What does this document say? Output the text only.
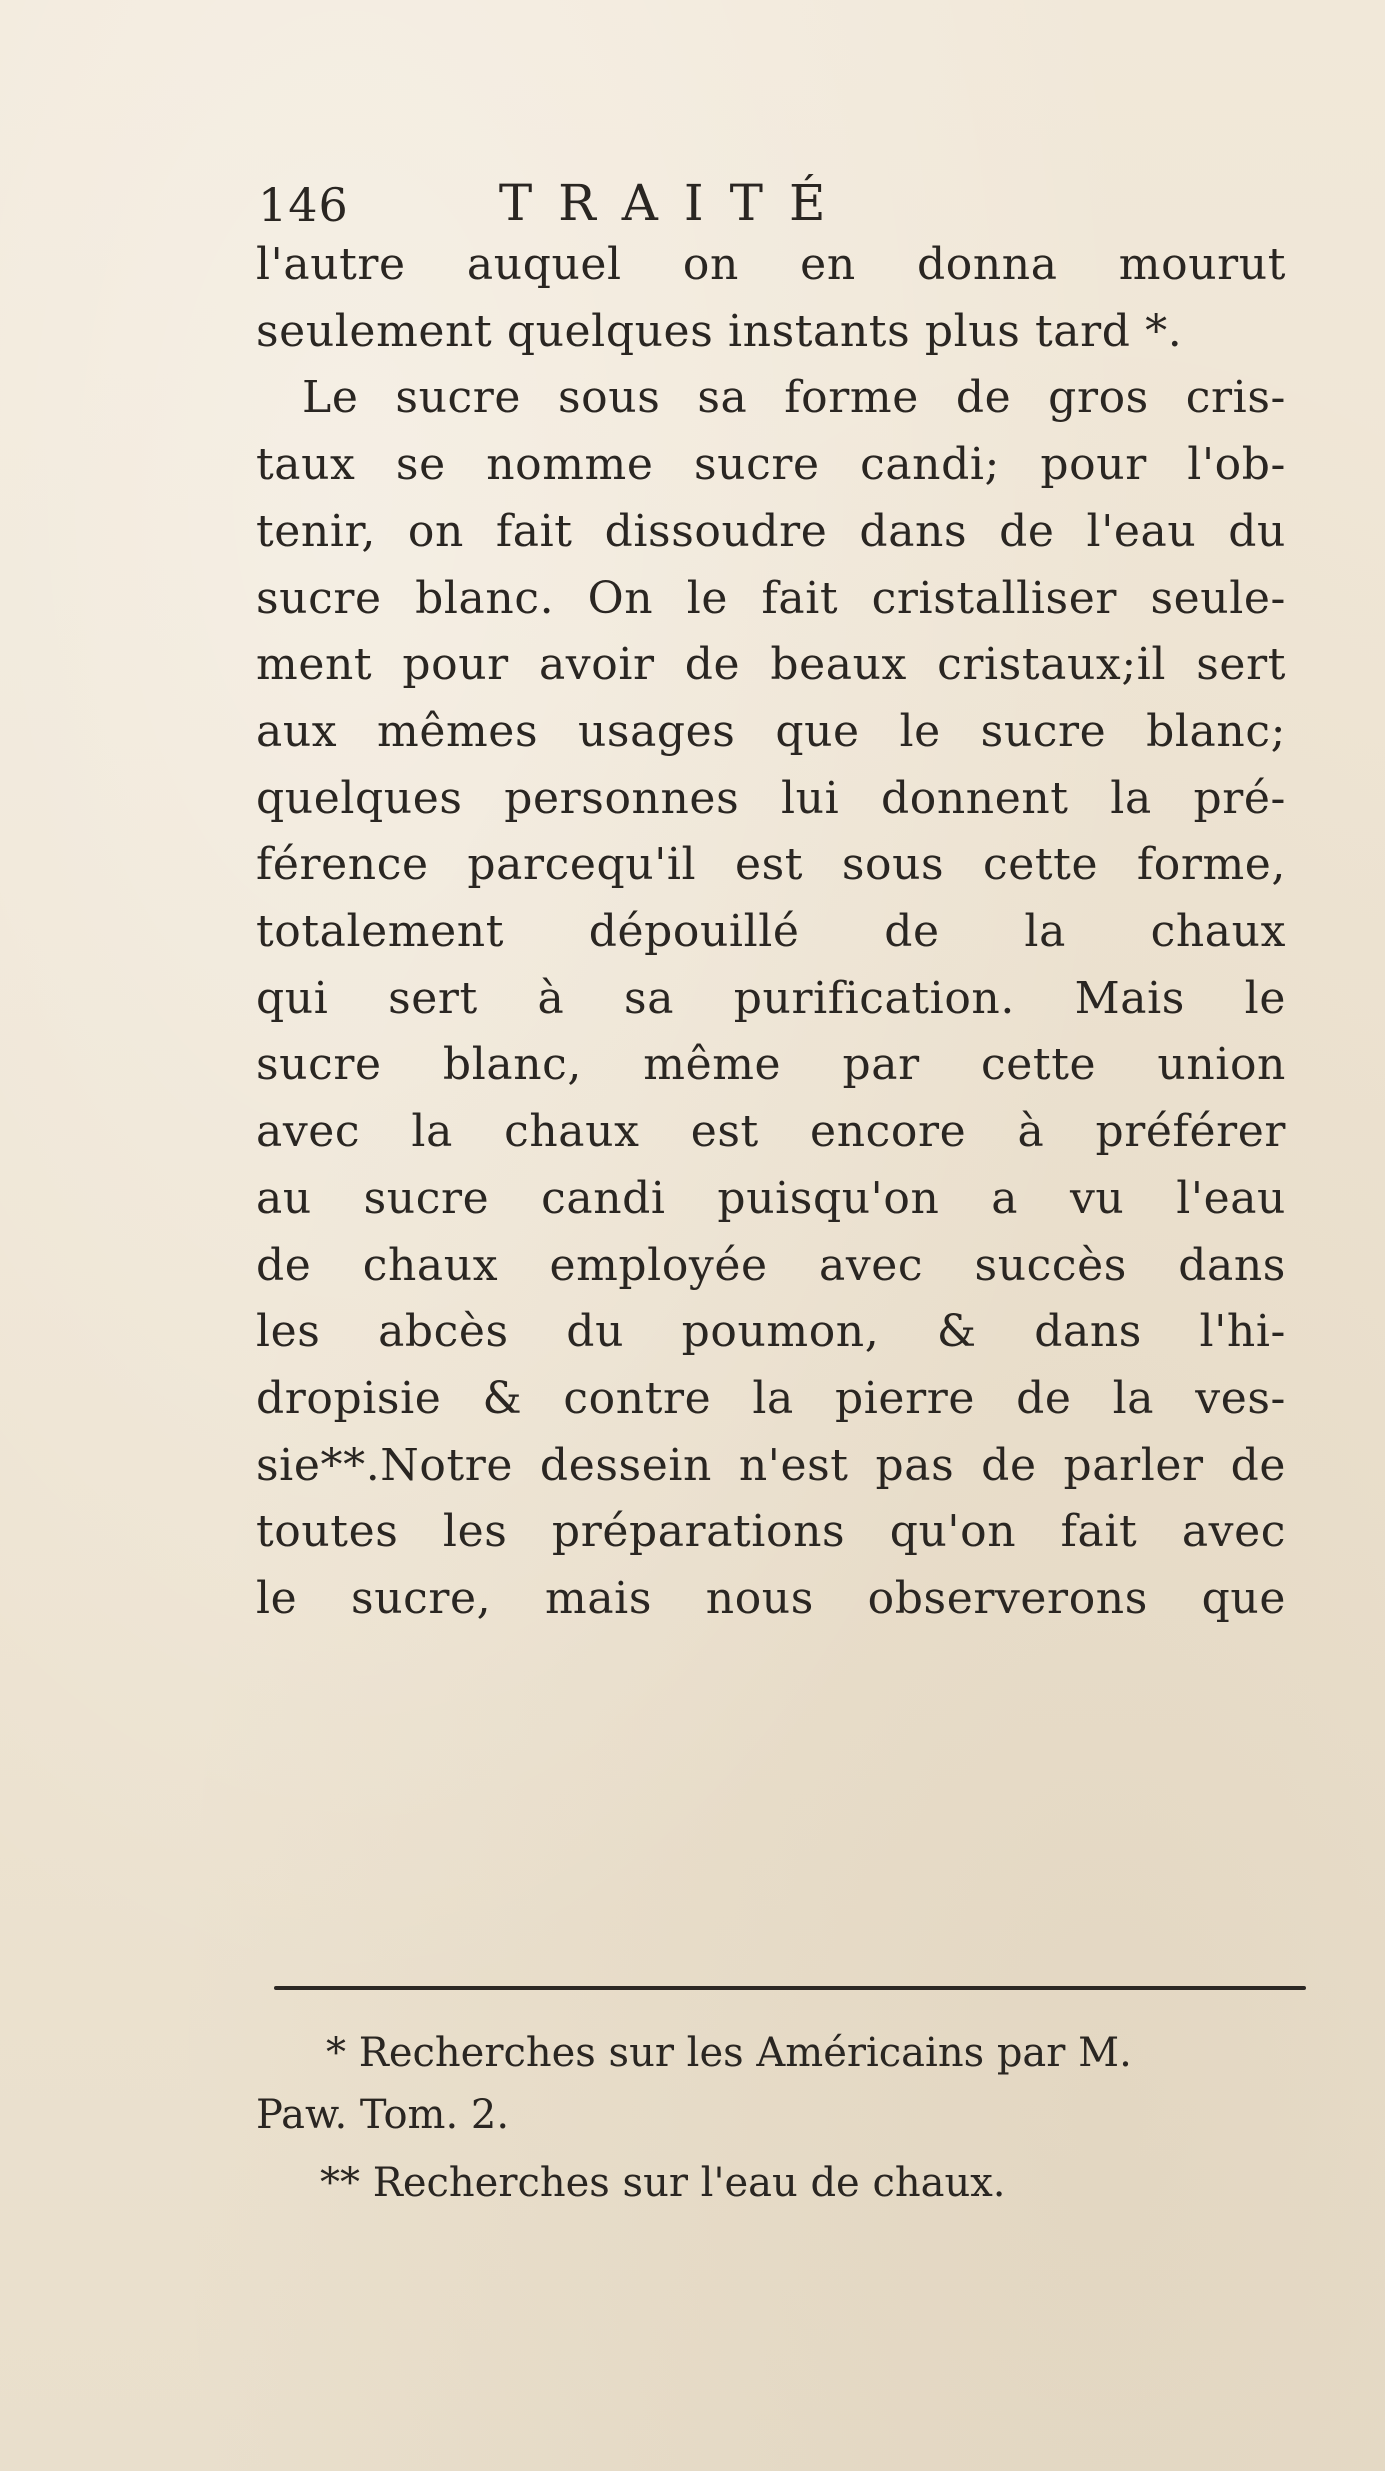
146	TRAITÉ
l'autre auquel on en donna mourut
seulement quelques instants plus tard *.
Le sucre sous sa forme de gros cris-
taux se nomme sucre candi; pour l'ob-
tenir, on fait dissoudre dans de l'eau du
sucre blanc. On le fait cristalliser seule-
ment pour avoir de beaux cristaux;il sert
aux mêmes usages que le sucre blanc;
quelques personnes lui donnent la pré-
férence parcequ'il est sous cette forme,
totalement dépouillé de la chaux
qui sert à sa purification. Mais le
sucre blanc, même par cette union
avec la chaux est encore à préférer
au sucre candi puisqu'on a vu l'eau
de chaux employée avec succès dans
les abcès du poumon, & dans l'hi-
dropisie & contre la pierre de la ves-
sie**.Notre dessein n'est pas de parler de
toutes les préparations qu'on fait avec
le sucre, mais nous observerons que

* Recherches sur les Américains par M.

Paw. Tom. 2.

** Recherches sur l'eau de chaux.
